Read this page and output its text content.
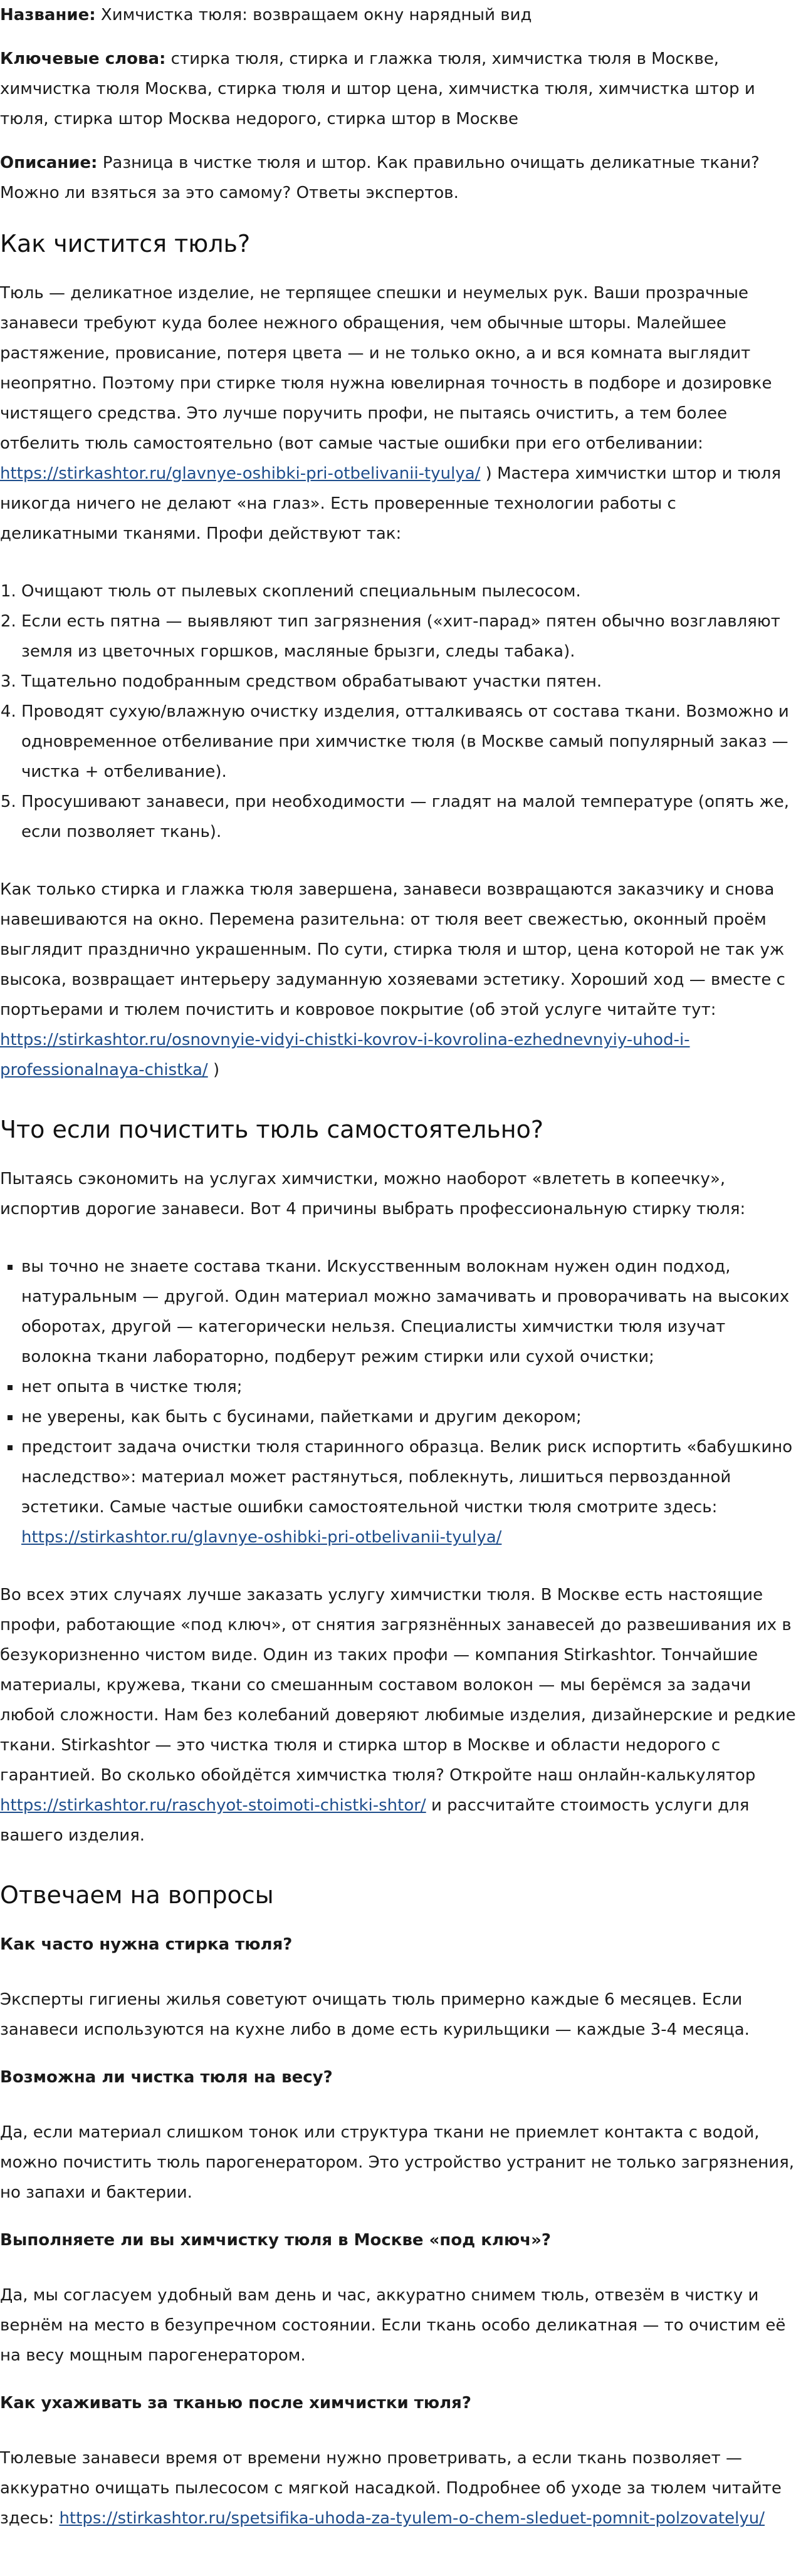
Название: Химчистка тюля: возвращаем окну нарядный вид

Ключевые слова: стирка тюля, стирка и глажка тюля, химчистка тюля в Москве, химчистка тюля Москва, стирка тюля и штор цена, химчистка тюля, химчистка штор и тюля, стирка штор Москва недорого, стирка штор в Москве

Описание: Разница в чистке тюля и штор. Как правильно очищать деликатные ткани? Можно ли взяться за это самому? Ответы экспертов.

Как чистится тюль?

Тюль — деликатное изделие, не терпящее спешки и неумелых рук. Ваши прозрачные занавеси требуют куда более нежного обращения, чем обычные шторы. Малейшее растяжение, провисание, потеря цвета — и не только окно, а и вся комната выглядит неопрятно. Поэтому при стирке тюля нужна ювелирная точность в подборе и дозировке чистящего средства. Это лучше поручить профи, не пытаясь очистить, а тем более отбелить тюль самостоятельно (вот самые частые ошибки при его отбеливании: https://stirkashtor.ru/glavnye-oshibki-pri-otbelivanii-tyulya/ ) Мастера химчистки штор и тюля никогда ничего не делают «на глаз». Есть проверенные технологии работы с деликатными тканями. Профи действуют так:

1. Очищают тюль от пылевых скоплений специальным пылесосом.
2. Если есть пятна — выявляют тип загрязнения («хит-парад» пятен обычно возглавляют земля из цветочных горшков, масляные брызги, следы табака).
3. Тщательно подобранным средством обрабатывают участки пятен.
4. Проводят сухую/влажную очистку изделия, отталкиваясь от состава ткани. Возможно и одновременное отбеливание при химчистке тюля (в Москве самый популярный заказ — чистка + отбеливание).
5. Просушивают занавеси, при необходимости — гладят на малой температуре (опять же, если позволяет ткань).

Как только стирка и глажка тюля завершена, занавеси возвращаются заказчику и снова навешиваются на окно. Перемена разительна: от тюля веет свежестью, оконный проём выглядит празднично украшенным. По сути, стирка тюля и штор, цена которой не так уж высока, возвращает интерьеру задуманную хозяевами эстетику. Хороший ход — вместе с портьерами и тюлем почистить и ковровое покрытие (об этой услуге читайте тут: https://stirkashtor.ru/osnovnyie-vidyi-chistki-kovrov-i-kovrolina-ezhednevnyiy-uhod-i-professionalnaya-chistka/ )

Что если почистить тюль самостоятельно?

Пытаясь сэкономить на услугах химчистки, можно наоборот «влететь в копеечку», испортив дорогие занавеси. Вот 4 причины выбрать профессиональную стирку тюля:

▪ вы точно не знаете состава ткани. Искусственным волокнам нужен один подход, натуральным — другой. Один материал можно замачивать и проворачивать на высоких оборотах, другой — категорически нельзя. Специалисты химчистки тюля изучат волокна ткани лабораторно, подберут режим стирки или сухой очистки;
▪ нет опыта в чистке тюля;
▪ не уверены, как быть с бусинами, пайетками и другим декором;
▪ предстоит задача очистки тюля старинного образца. Велик риск испортить «бабушкино наследство»: материал может растянуться, поблекнуть, лишиться первозданной эстетики. Самые частые ошибки самостоятельной чистки тюля смотрите здесь: https://stirkashtor.ru/glavnye-oshibki-pri-otbelivanii-tyulya/

Во всех этих случаях лучше заказать услугу химчистки тюля. В Москве есть настоящие профи, работающие «под ключ», от снятия загрязнённых занавесей до развешивания их в безукоризненно чистом виде. Один из таких профи — компания Stirkashtor. Тончайшие материалы, кружева, ткани со смешанным составом волокон — мы берёмся за задачи любой сложности. Нам без колебаний доверяют любимые изделия, дизайнерские и редкие ткани. Stirkashtor — это чистка тюля и стирка штор в Москве и области недорого с гарантией. Во сколько обойдётся химчистка тюля? Откройте наш онлайн-калькулятор https://stirkashtor.ru/raschyot-stoimoti-chistki-shtor/ и рассчитайте стоимость услуги для вашего изделия.

Отвечаем на вопросы
Как часто нужна стирка тюля?

Эксперты гигиены жилья советуют очищать тюль примерно каждые 6 месяцев. Если занавеси используются на кухне либо в доме есть курильщики — каждые 3-4 месяца.

Возможна ли чистка тюля на весу?

Да, если материал слишком тонок или структура ткани не приемлет контакта с водой, можно почистить тюль парогенератором. Это устройство устранит не только загрязнения, но запахи и бактерии.

Выполняете ли вы химчистку тюля в Москве «под ключ»?

Да, мы согласуем удобный вам день и час, аккуратно снимем тюль, отвезём в чистку и вернём на место в безупречном состоянии. Если ткань особо деликатная — то очистим её на весу мощным парогенератором.

Как ухаживать за тканью после химчистки тюля?

Тюлевые занавеси время от времени нужно проветривать, а если ткань позволяет — аккуратно очищать пылесосом с мягкой насадкой. Подробнее об уходе за тюлем читайте здесь: https://stirkashtor.ru/spetsifika-uhoda-za-tyulem-o-chem-sleduet-pomnit-polzovatelyu/
